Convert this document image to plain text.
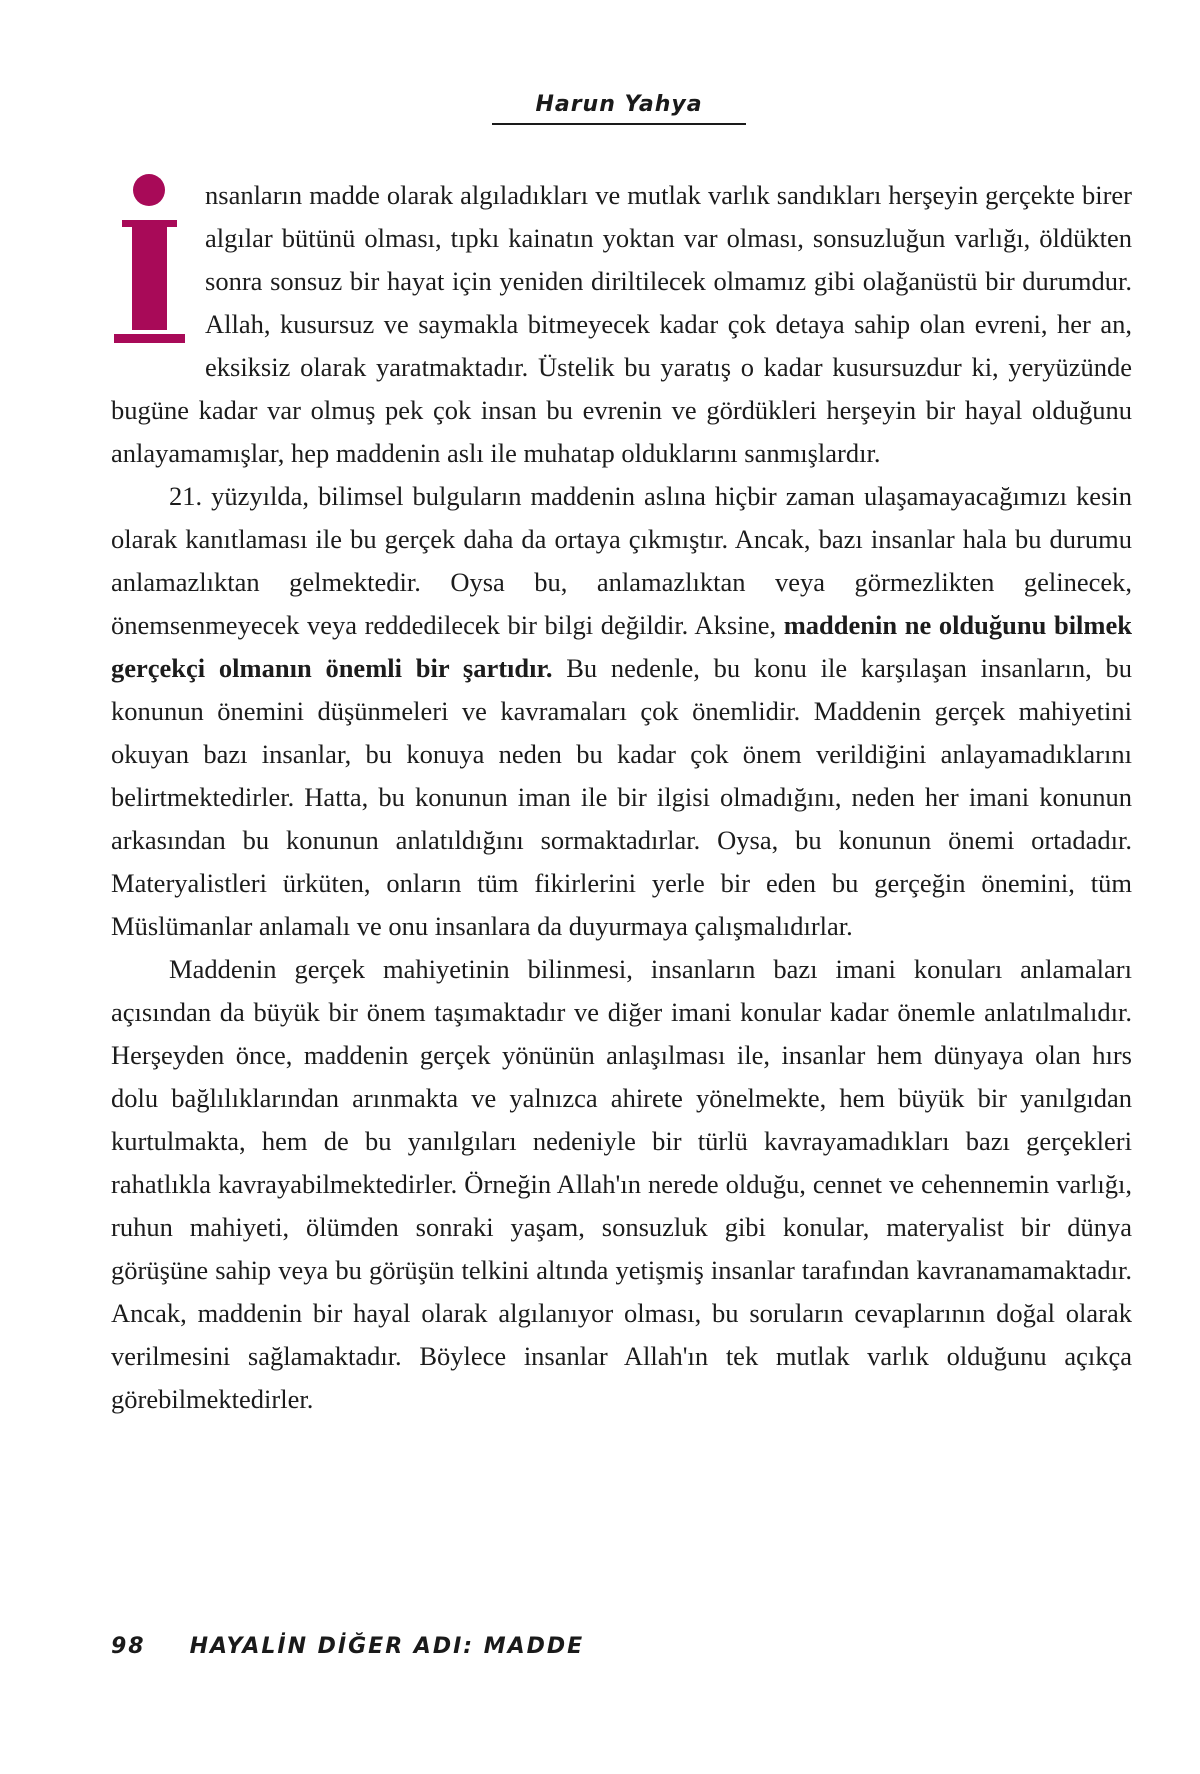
Harun Yahya

nsanların madde olarak algıladıkları ve mutlak varlık sandıkları herşeyin gerçekte birer algılar bütünü olması, tıpkı kainatın yoktan var olması, sonsuzluğun varlığı, öldükten sonra sonsuz bir hayat için yeniden diriltilecek olmamız gibi olağanüstü bir durumdur. Allah, kusursuz ve saymakla bitmeyecek kadar çok detaya sahip olan evreni, her an, eksiksiz olarak yaratmaktadır. Üstelik bu yaratış o kadar kusursuzdur ki, yeryüzünde bugüne kadar var olmuş pek çok insan bu evrenin ve gördükleri herşeyin bir hayal olduğunu anlayamamışlar, hep maddenin aslı ile muhatap olduklarını sanmışlardır.

21. yüzyılda, bilimsel bulguların maddenin aslına hiçbir zaman ulaşamayacağımızı kesin olarak kanıtlaması ile bu gerçek daha da ortaya çıkmıştır. Ancak, bazı insanlar hala bu durumu anlamazlıktan gelmektedir. Oysa bu, anlamazlıktan veya görmezlikten gelinecek, önemsenmeyecek veya reddedilecek bir bilgi değildir. Aksine, maddenin ne olduğunu bilmek gerçekçi olmanın önemli bir şartıdır. Bu nedenle, bu konu ile karşılaşan insanların, bu konunun önemini düşünmeleri ve kavramaları çok önemlidir. Maddenin gerçek mahiyetini okuyan bazı insanlar, bu konuya neden bu kadar çok önem verildiğini anlayamadıklarını belirtmektedirler. Hatta, bu konunun iman ile bir ilgisi olmadığını, neden her imani konunun arkasından bu konunun anlatıldığını sormaktadırlar. Oysa, bu konunun önemi ortadadır. Materyalistleri ürküten, onların tüm fikirlerini yerle bir eden bu gerçeğin önemini, tüm Müslümanlar anlamalı ve onu insanlara da duyurmaya çalışmalıdırlar.

Maddenin gerçek mahiyetinin bilinmesi, insanların bazı imani konuları anlamaları açısından da büyük bir önem taşımaktadır ve diğer imani konular kadar önemle anlatılmalıdır. Herşeyden önce, maddenin gerçek yönünün anlaşılması ile, insanlar hem dünyaya olan hırs dolu bağlılıklarından arınmakta ve yalnızca ahirete yönelmekte, hem büyük bir yanılgıdan kurtulmakta, hem de bu yanılgıları nedeniyle bir türlü kavrayamadıkları bazı gerçekleri rahatlıkla kavrayabilmektedirler. Örneğin Allah'ın nerede olduğu, cennet ve cehennemin varlığı, ruhun mahiyeti, ölümden sonraki yaşam, sonsuzluk gibi konular, materyalist bir dünya görüşüne sahip veya bu görüşün telkini altında yetişmiş insanlar tarafından kavranamamaktadır. Ancak, maddenin bir hayal olarak algılanıyor olması, bu soruların cevaplarının doğal olarak verilmesini sağlamaktadır. Böylece insanlar Allah'ın tek mutlak varlık olduğunu açıkça görebilmektedirler.

98 HAYALİN DİĞER ADI: MADDE
